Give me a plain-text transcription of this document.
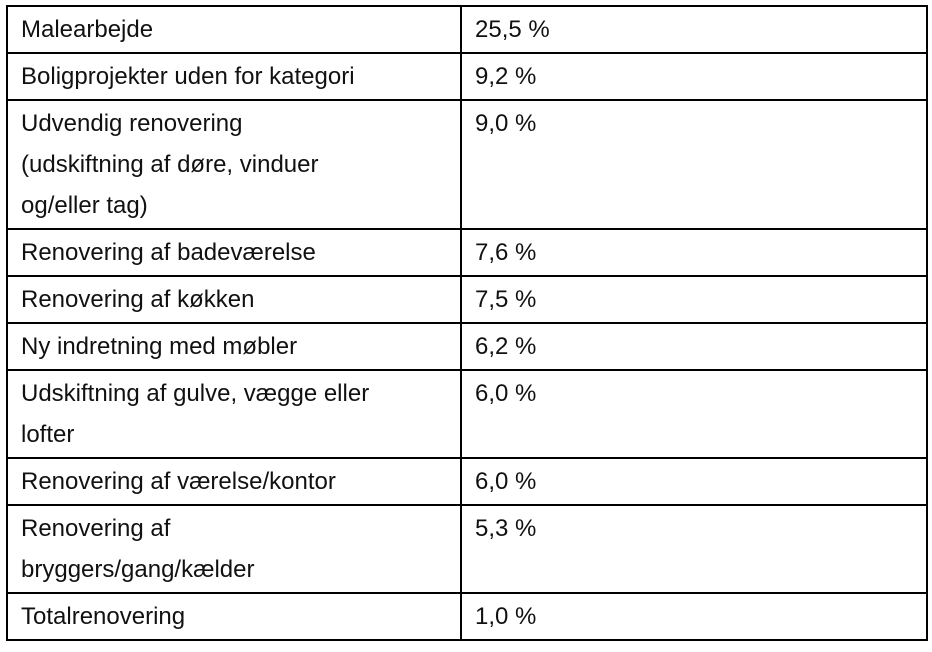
Malearbejde	25,5 %
Boligprojekter uden for kategori	9,2 %
Udvendig renovering
(udskiftning af døre, vinduer
og/eller tag)	9,0 %
Renovering af badeværelse	7,6 %
Renovering af køkken	7,5 %
Ny indretning med møbler	6,2 %
Udskiftning af gulve, vægge eller
lofter	6,0 %
Renovering af værelse/kontor	6,0 %
Renovering af
bryggers/gang/kælder	5,3 %
Totalrenovering	1,0 %
